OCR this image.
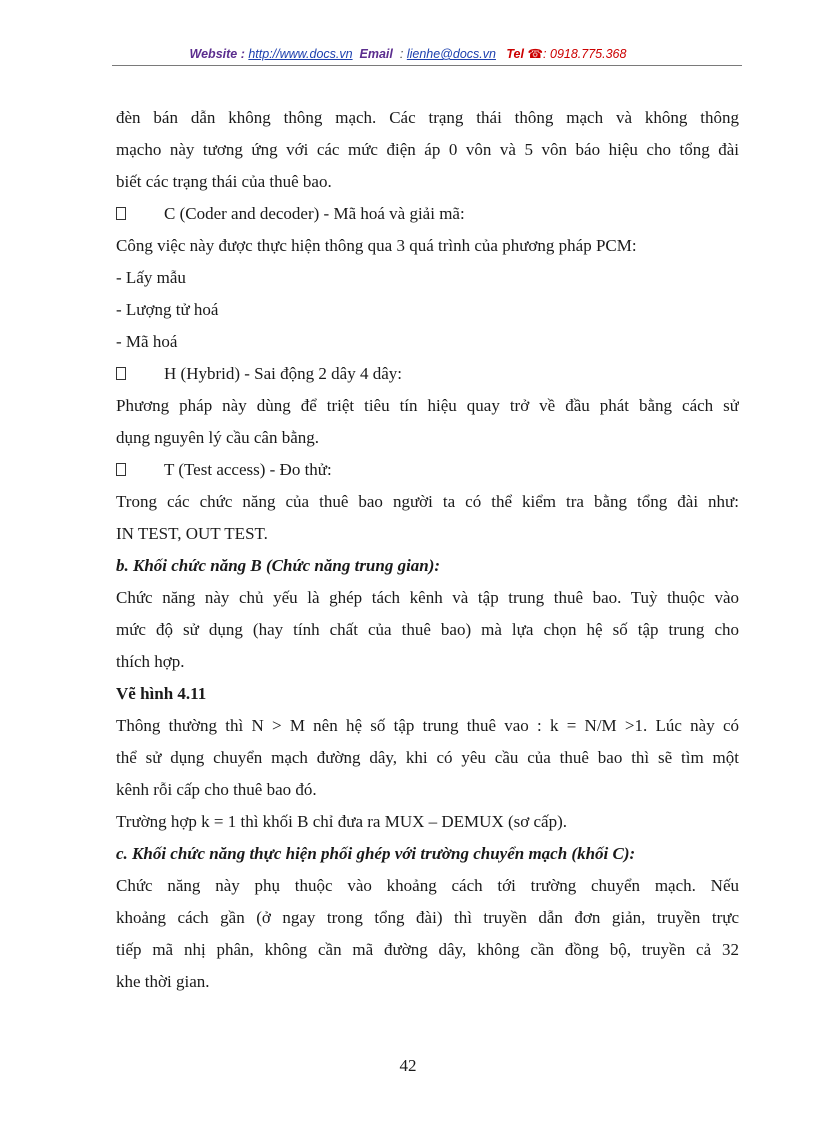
Website : http://www.docs.vn Email : lienhe@docs.vn Tel ☎: 0918.775.368
đèn bán dẫn không thông mạch. Các trạng thái thông mạch và không thông
mạcho này tương ứng với các mức điện áp 0 vôn và 5 vôn báo hiệu cho tổng đài
biết các trạng thái của thuê bao.
C (Coder and decoder) - Mã hoá và giải mã:
Công việc này được thực hiện thông qua 3 quá trình của phương pháp PCM:
- Lấy mẫu
- Lượng tử hoá
- Mã hoá
H (Hybrid) - Sai động 2 dây 4 dây:
Phương pháp này dùng để triệt tiêu tín hiệu quay trở về đầu phát bằng cách sử
dụng nguyên lý cầu cân bằng.
T (Test access) - Đo thử:
Trong các chức năng của thuê bao người ta có thể kiểm tra bằng tổng đài như:
IN TEST, OUT TEST.
b. Khối chức năng B (Chức năng trung gian):
Chức năng này chủ yếu là ghép tách kênh và tập trung thuê bao. Tuỳ thuộc vào
mức độ sử dụng (hay tính chất của thuê bao) mà lựa chọn hệ số tập trung cho
thích hợp.
Vẽ hình 4.11
Thông thường thì N > M nên hệ số tập trung thuê vao : k = N/M >1. Lúc này có
thể sử dụng chuyển mạch đường dây, khi có yêu cầu của thuê bao thì sẽ tìm một
kênh rỗi cấp cho thuê bao đó.
Trường hợp k = 1 thì khối B chỉ đưa ra MUX – DEMUX (sơ cấp).
c. Khối chức năng thực hiện phối ghép với trường chuyển mạch (khối C):
Chức năng này phụ thuộc vào khoảng cách tới trường chuyển mạch. Nếu
khoảng cách gần (ở ngay trong tổng đài) thì truyền dẫn đơn giản, truyền trực
tiếp mã nhị phân, không cần mã đường dây, không cần đồng bộ, truyền cả 32
khe thời gian.
42
